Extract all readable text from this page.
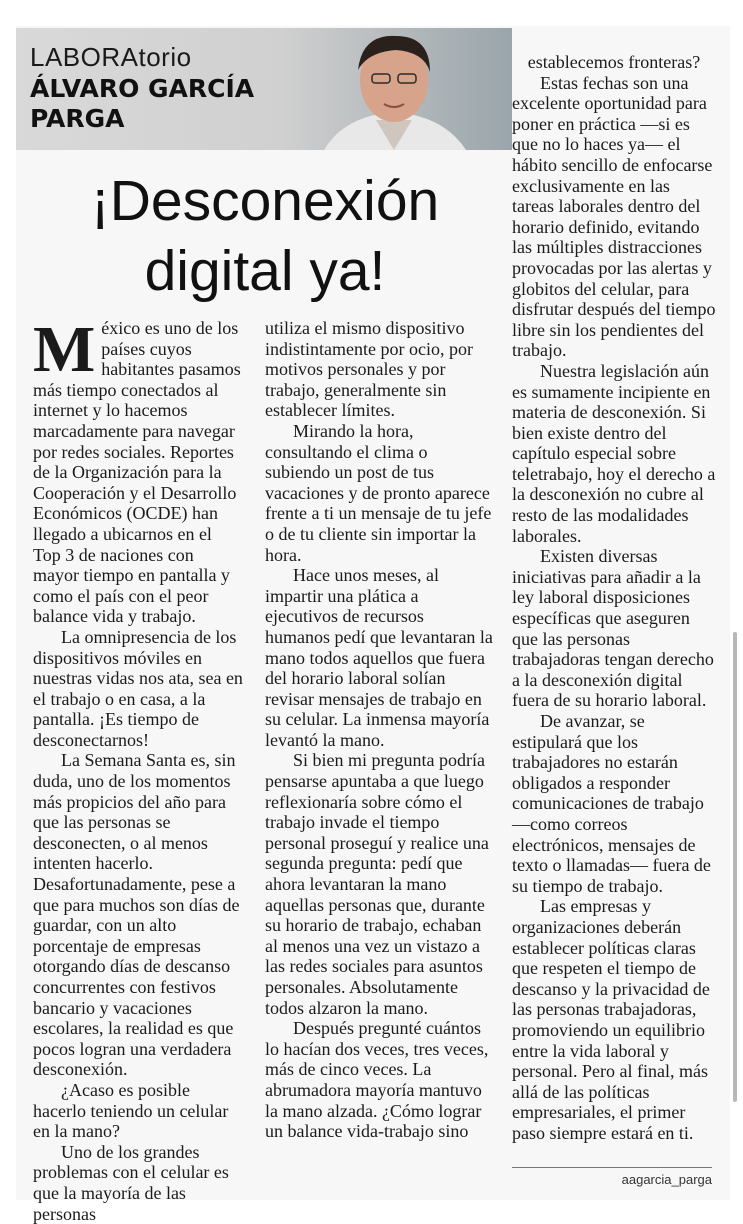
LABORAtorio
ÁLVARO GARCÍA
PARGA
¡Desconexión digital ya!

México es uno de los países cuyos habitantes pasamos más tiempo conectados al internet y lo hacemos marcadamente para navegar por redes sociales. Reportes de la Organización para la Cooperación y el Desarrollo Económicos (OCDE) han llegado a ubicarnos en el Top 3 de naciones con mayor tiempo en pantalla y como el país con el peor balance vida y trabajo.

La omnipresencia de los dispositivos móviles en nuestras vidas nos ata, sea en el trabajo o en casa, a la pantalla. ¡Es tiempo de desconectarnos!

La Semana Santa es, sin duda, uno de los momentos más propicios del año para que las personas se desconecten, o al menos intenten hacerlo. Desafortunadamente, pese a que para muchos son días de guardar, con un alto porcentaje de empresas otorgando días de descanso concurrentes con festivos bancario y vacaciones escolares, la realidad es que pocos logran una verdadera desconexión.

¿Acaso es posible hacerlo teniendo un celular en la mano?

Uno de los grandes problemas con el celular es que la mayoría de las personas

utiliza el mismo dispositivo indistintamente por ocio, por motivos personales y por trabajo, generalmente sin establecer límites.

Mirando la hora, consultando el clima o subiendo un post de tus vacaciones y de pronto aparece frente a ti un mensaje de tu jefe o de tu cliente sin importar la hora.

Hace unos meses, al impartir una plática a ejecutivos de recursos humanos pedí que levantaran la mano todos aquellos que fuera del horario laboral solían revisar mensajes de trabajo en su celular. La inmensa mayoría levantó la mano.

Si bien mi pregunta podría pensarse apuntaba a que luego reflexionaría sobre cómo el trabajo invade el tiempo personal proseguí y realice una segunda pregunta: pedí que ahora levantaran la mano aquellas personas que, durante su horario de trabajo, echaban al menos una vez un vistazo a las redes sociales para asuntos personales. Absolutamente todos alzaron la mano.

Después pregunté cuántos lo hacían dos veces, tres veces, más de cinco veces. La abrumadora mayoría mantuvo la mano alzada. ¿Cómo lograr un balance vida-trabajo sino

establecemos fronteras?

Estas fechas son una excelente oportunidad para poner en práctica —si es que no lo haces ya— el hábito sencillo de enfocarse exclusivamente en las tareas laborales dentro del horario definido, evitando las múltiples distracciones provocadas por las alertas y globitos del celular, para disfrutar después del tiempo libre sin los pendientes del trabajo.

Nuestra legislación aún es sumamente incipiente en materia de desconexión. Si bien existe dentro del capítulo especial sobre teletrabajo, hoy el derecho a la desconexión no cubre al resto de las modalidades laborales.

Existen diversas iniciativas para añadir a la ley laboral disposiciones específicas que aseguren que las personas trabajadoras tengan derecho a la desconexión digital fuera de su horario laboral.

De avanzar, se estipulará que los trabajadores no estarán obligados a responder comunicaciones de trabajo —como correos electrónicos, mensajes de texto o llamadas— fuera de su tiempo de trabajo.

Las empresas y organizaciones deberán establecer políticas claras que respeten el tiempo de descanso y la privacidad de las personas trabajadoras, promoviendo un equilibrio entre la vida laboral y personal. Pero al final, más allá de las políticas empresariales, el primer paso siempre estará en ti.

aagarcia_parga
